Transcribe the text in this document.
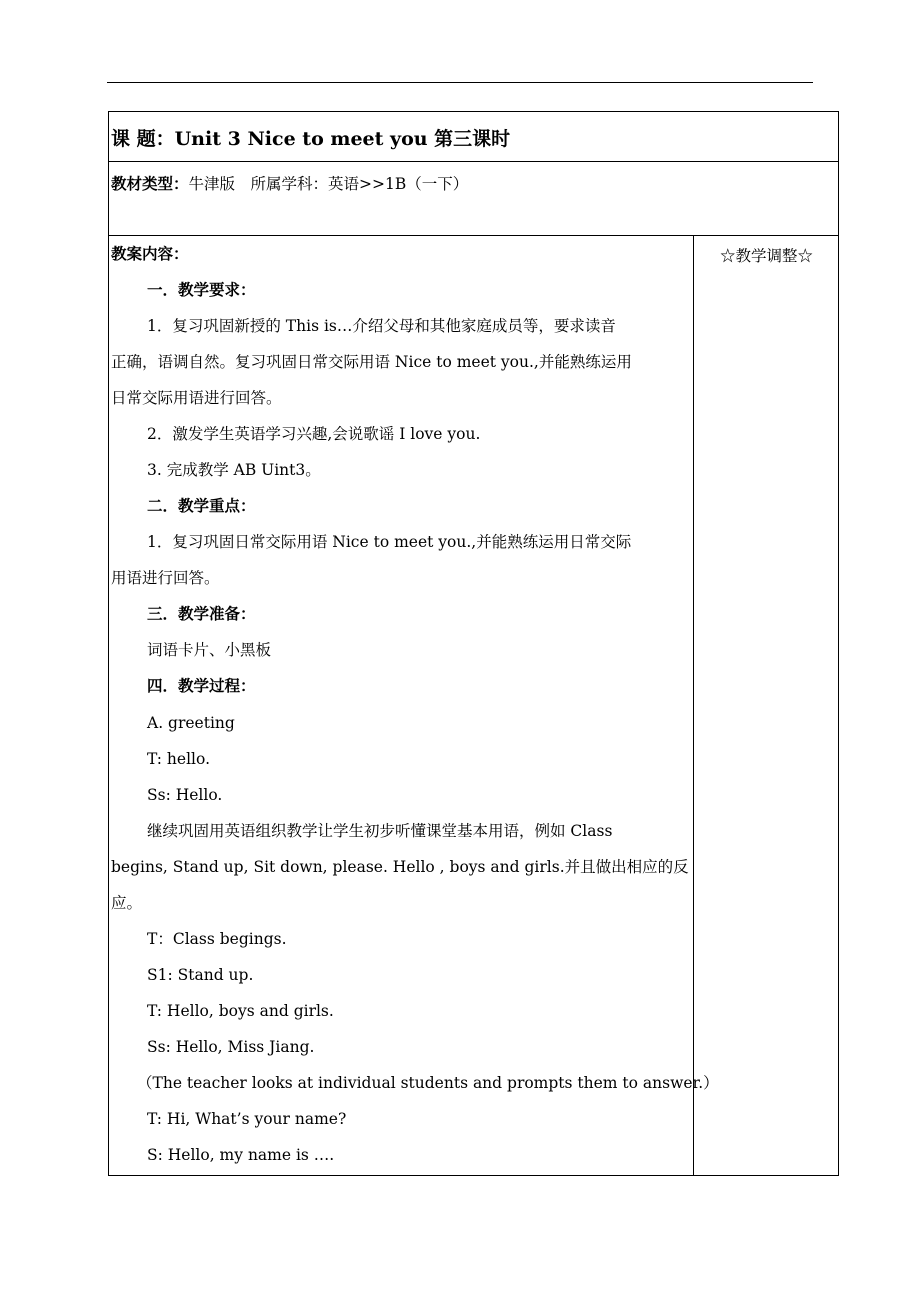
课 题：Unit 3 Nice to meet you 第三课时
教材类型：牛津版　所属学科：英语>>1B（一下）
教案内容：
一．教学要求：
1．复习巩固新授的 This is…介绍父母和其他家庭成员等，要求读音
正确，语调自然。复习巩固日常交际用语 Nice to meet you.,并能熟练运用
日常交际用语进行回答。
2．激发学生英语学习兴趣,会说歌谣 I love you.
3. 完成教学 AB Uint3。
二．教学重点：
1．复习巩固日常交际用语 Nice to meet you.,并能熟练运用日常交际
用语进行回答。
三．教学准备：
词语卡片、小黑板
四．教学过程：
A. greeting
T: hello.
Ss: Hello.
继续巩固用英语组织教学让学生初步听懂课堂基本用语，例如 Class
begins, Stand up, Sit down, please. Hello , boys and girls.并且做出相应的反
应。
T：Class begings.
S1: Stand up.
T: Hello, boys and girls.
Ss: Hello, Miss Jiang.
（The teacher looks at individual students and prompts them to answer.）
T: Hi, What’s your name?
S: Hello, my name is ….
☆教学调整☆
